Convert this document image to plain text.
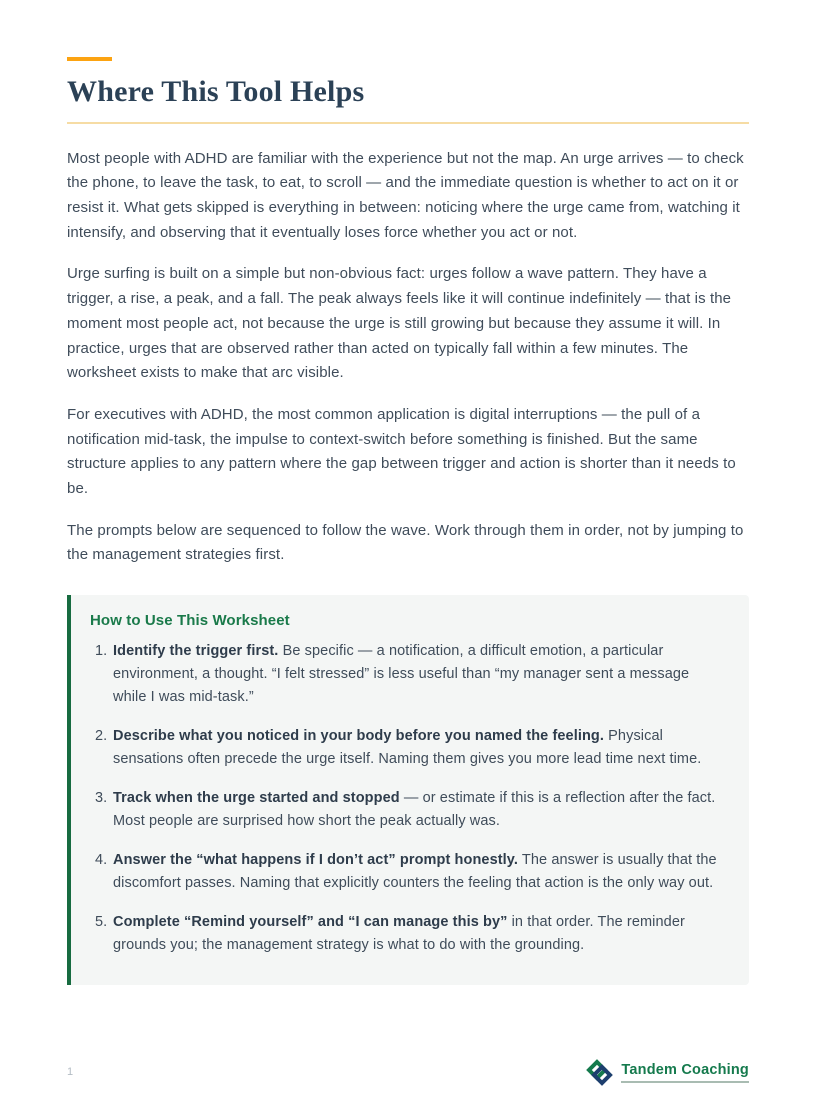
Where This Tool Helps

Most people with ADHD are familiar with the experience but not the map. An urge arrives — to check the phone, to leave the task, to eat, to scroll — and the immediate question is whether to act on it or resist it. What gets skipped is everything in between: noticing where the urge came from, watching it intensify, and observing that it eventually loses force whether you act or not.

Urge surfing is built on a simple but non-obvious fact: urges follow a wave pattern. They have a trigger, a rise, a peak, and a fall. The peak always feels like it will continue indefinitely — that is the moment most people act, not because the urge is still growing but because they assume it will. In practice, urges that are observed rather than acted on typically fall within a few minutes. The worksheet exists to make that arc visible.

For executives with ADHD, the most common application is digital interruptions — the pull of a notification mid-task, the impulse to context-switch before something is finished. But the same structure applies to any pattern where the gap between trigger and action is shorter than it needs to be.

The prompts below are sequenced to follow the wave. Work through them in order, not by jumping to the management strategies first.

How to Use This Worksheet

Identify the trigger first. Be specific — a notification, a difficult emotion, a particular environment, a thought. “I felt stressed” is less useful than “my manager sent a message while I was mid-task.”
Describe what you noticed in your body before you named the feeling. Physical sensations often precede the urge itself. Naming them gives you more lead time next time.
Track when the urge started and stopped — or estimate if this is a reflection after the fact. Most people are surprised how short the peak actually was.
Answer the “what happens if I don’t act” prompt honestly. The answer is usually that the discomfort passes. Naming that explicitly counters the feeling that action is the only way out.
Complete “Remind yourself” and “I can manage this by” in that order. The reminder grounds you; the management strategy is what to do with the grounding.
1	Tandem Coaching
